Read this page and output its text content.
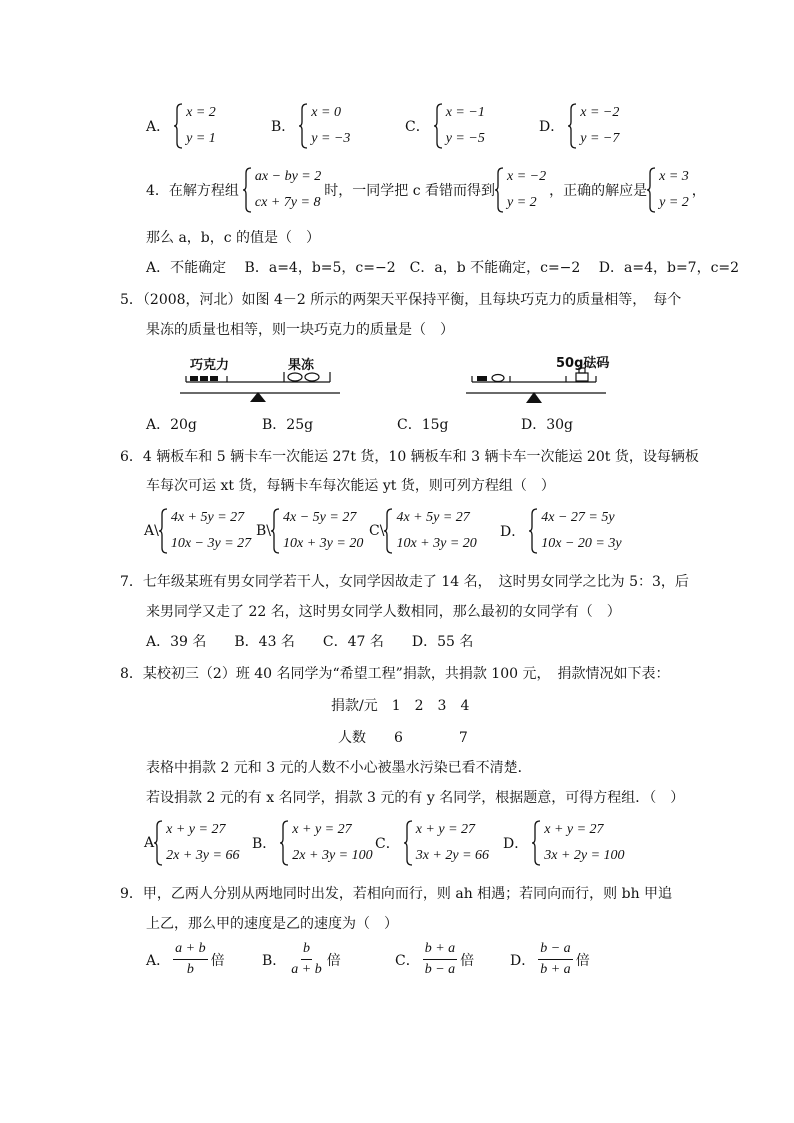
A．
x = 2
y = 1
B．
x = 0
y = −3
C．
x = −1
y = −5
D．
x = −2
y = −7
4．在解方程组
ax − by = 2
cx + 7y = 8
时，一同学把 c 看错而得到
x = −2
y = 2
，正确的解应是
x = 3
y = 2
，
那么 a，b，c 的值是（　）
A．不能确定　 B．a=4，b=5，c=−2　C．a，b 不能确定，c=−2　 D．a=4，b=7，c=2
5．（2008，河北）如图 4－2 所示的两架天平保持平衡，且每块巧克力的质量相等，　每个
果冻的质量也相等，则一块巧克力的质量是（　）
巧克力	果冻	50g砝码
A．20g	B．25g	C．15g	D．30g
6．4 辆板车和 5 辆卡车一次能运 27t 货，10 辆板车和 3 辆卡车一次能运 20t 货，设每辆板
车每次可运 xt 货，每辆卡车每次能运 yt 货，则可列方程组（　）
A\
4x + 5y = 27
10x − 3y = 27
B\
4x − 5y = 27
10x + 3y = 20
C\
4x + 5y = 27
10x + 3y = 20
D．
4x − 27 = 5y
10x − 20 = 3y
7．七年级某班有男女同学若干人，女同学因故走了 14 名，　这时男女同学之比为 5：3，后
来男同学又走了 22 名，这时男女同学人数相同，那么最初的女同学有（　）
A．39 名　　B．43 名　　C．47 名　　D．55 名
8．某校初三（2）班 40 名同学为“希望工程”捐款，共捐款 100 元，　捐款情况如下表：
捐款/元　1　2　3　4
人数　　6　　　　7
表格中捐款 2 元和 3 元的人数不小心被墨水污染已看不清楚．
若设捐款 2 元的有 x 名同学，捐款 3 元的有 y 名同学，根据题意，可得方程组．（　）
A
x + y = 27
2x + 3y = 66
B．
x + y = 27
2x + 3y = 100
C．
x + y = 27
3x + 2y = 66
D．
x + y = 27
3x + 2y = 100
9．甲，乙两人分别从两地同时出发，若相向而行，则 ah 相遇；若同向而行，则 bh 甲追
上乙，那么甲的速度是乙的速度为（　）
A． $\frac{a + b}{b}$ 倍	B． $\frac{b}{a + b}$ 倍	C． $\frac{b + a}{b - a}$ 倍	D． $\frac{b - a}{b + a}$ 倍
